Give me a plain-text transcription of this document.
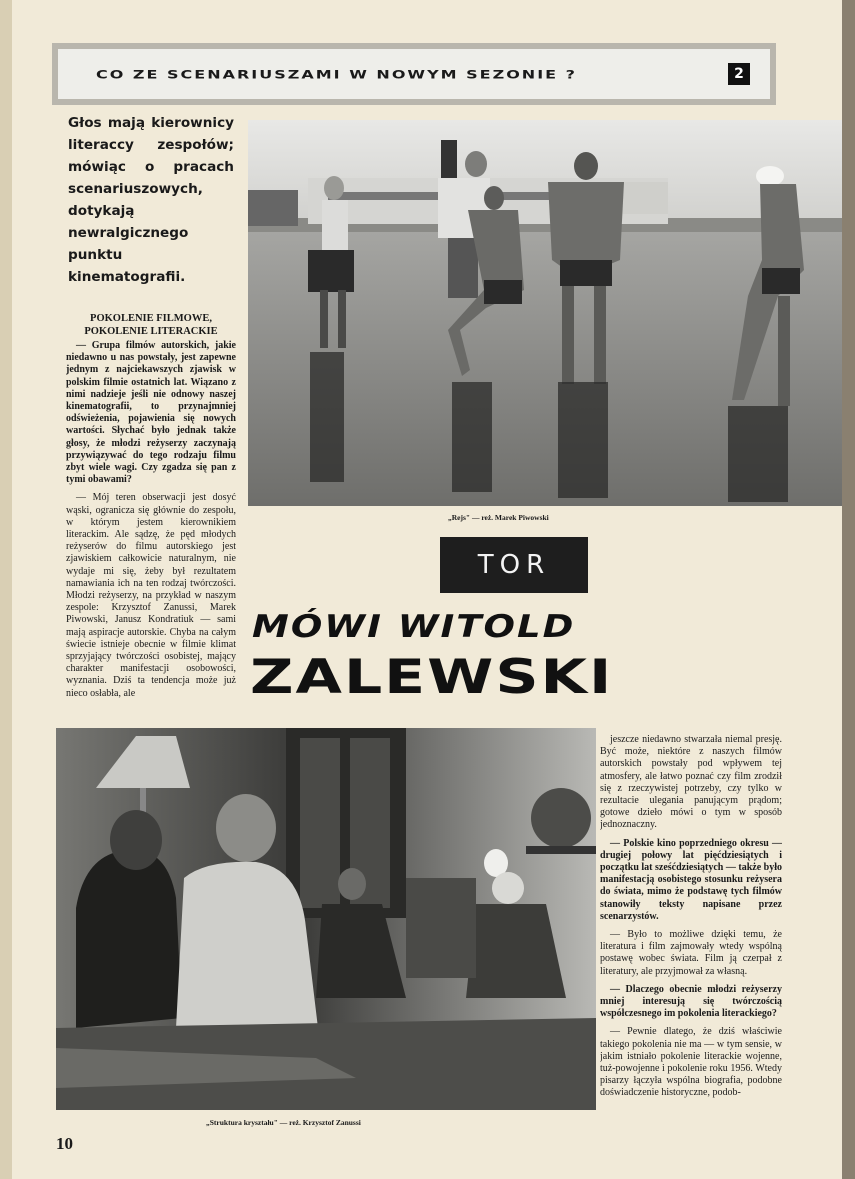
CO ZE SCENARIUSZAMI W NOWYM SEZONIE ?	2
Głos mają kierownicy literaccy zespołów; mówiąc o pracach scenariuszowych, dotykają newralgicznego punktu kinematografii.
POKOLENIE FILMOWE,
POKOLENIE LITERACKIE

— Grupa filmów autorskich, jakie niedawno u nas powstały, jest zapewne jednym z najciekawszych zjawisk w polskim filmie ostatnich lat. Wiązano z nimi nadzieje jeśli nie odnowy naszej kinematografii, to przynajmniej odświeżenia, pojawienia się nowych wartości. Słychać było jednak także głosy, że młodzi reżyserzy zaczynają przywiązywać do tego rodzaju filmu zbyt wiele wagi. Czy zgadza się pan z tymi obawami?

— Mój teren obserwacji jest dosyć wąski, ogranicza się głównie do zespołu, w którym jestem kierownikiem literackim. Ale sądzę, że pęd młodych reżyserów do filmu autorskiego jest zjawiskiem całkowicie naturalnym, nie wydaje mi się, żeby był rezultatem namawiania ich na ten rodzaj twórczości. Młodzi reżyserzy, na przykład w naszym zespole: Krzysztof Zanussi, Marek Piwowski, Janusz Kondratiuk — sami mają aspiracje autorskie. Chyba na całym świecie istnieje obecnie w filmie klimat sprzyjający twórczości osobistej, mający charakter manifestacji osobowości, wyznania. Dziś ta tendencja może już nieco osłabła, ale

„Rejs" — reż. Marek Piwowski
TOR
MÓWI WITOLD
ZALEWSKI
„Struktura kryształu" — reż. Krzysztof Zanussi

jeszcze niedawno stwarzała niemal presję. Być może, niektóre z naszych filmów autorskich powstały pod wpływem tej atmosfery, ale łatwo poznać czy film zrodził się z rzeczywistej potrzeby, czy tylko w rezultacie ulegania panującym prądom; gotowe dzieło mówi o tym w sposób jednoznaczny.

— Polskie kino poprzedniego okresu — drugiej połowy lat pięćdziesiątych i początku lat sześćdziesiątych — także było manifestacją osobistego stosunku reżysera do świata, mimo że podstawę tych filmów stanowiły teksty napisane przez scenarzystów.

— Było to możliwe dzięki temu, że literatura i film zajmowały wtedy wspólną postawę wobec świata. Film ją czerpał z literatury, ale przyjmował za własną.

— Dlaczego obecnie młodzi reżyserzy mniej interesują się twórczością współczesnego im pokolenia literackiego?

— Pewnie dlatego, że dziś właściwie takiego pokolenia nie ma — w tym sensie, w jakim istniało pokolenie literackie wojenne, tuż-powojenne i pokolenie roku 1956. Wtedy pisarzy łączyła wspólna biografia, podobne doświadczenie historyczne, podob-

10
